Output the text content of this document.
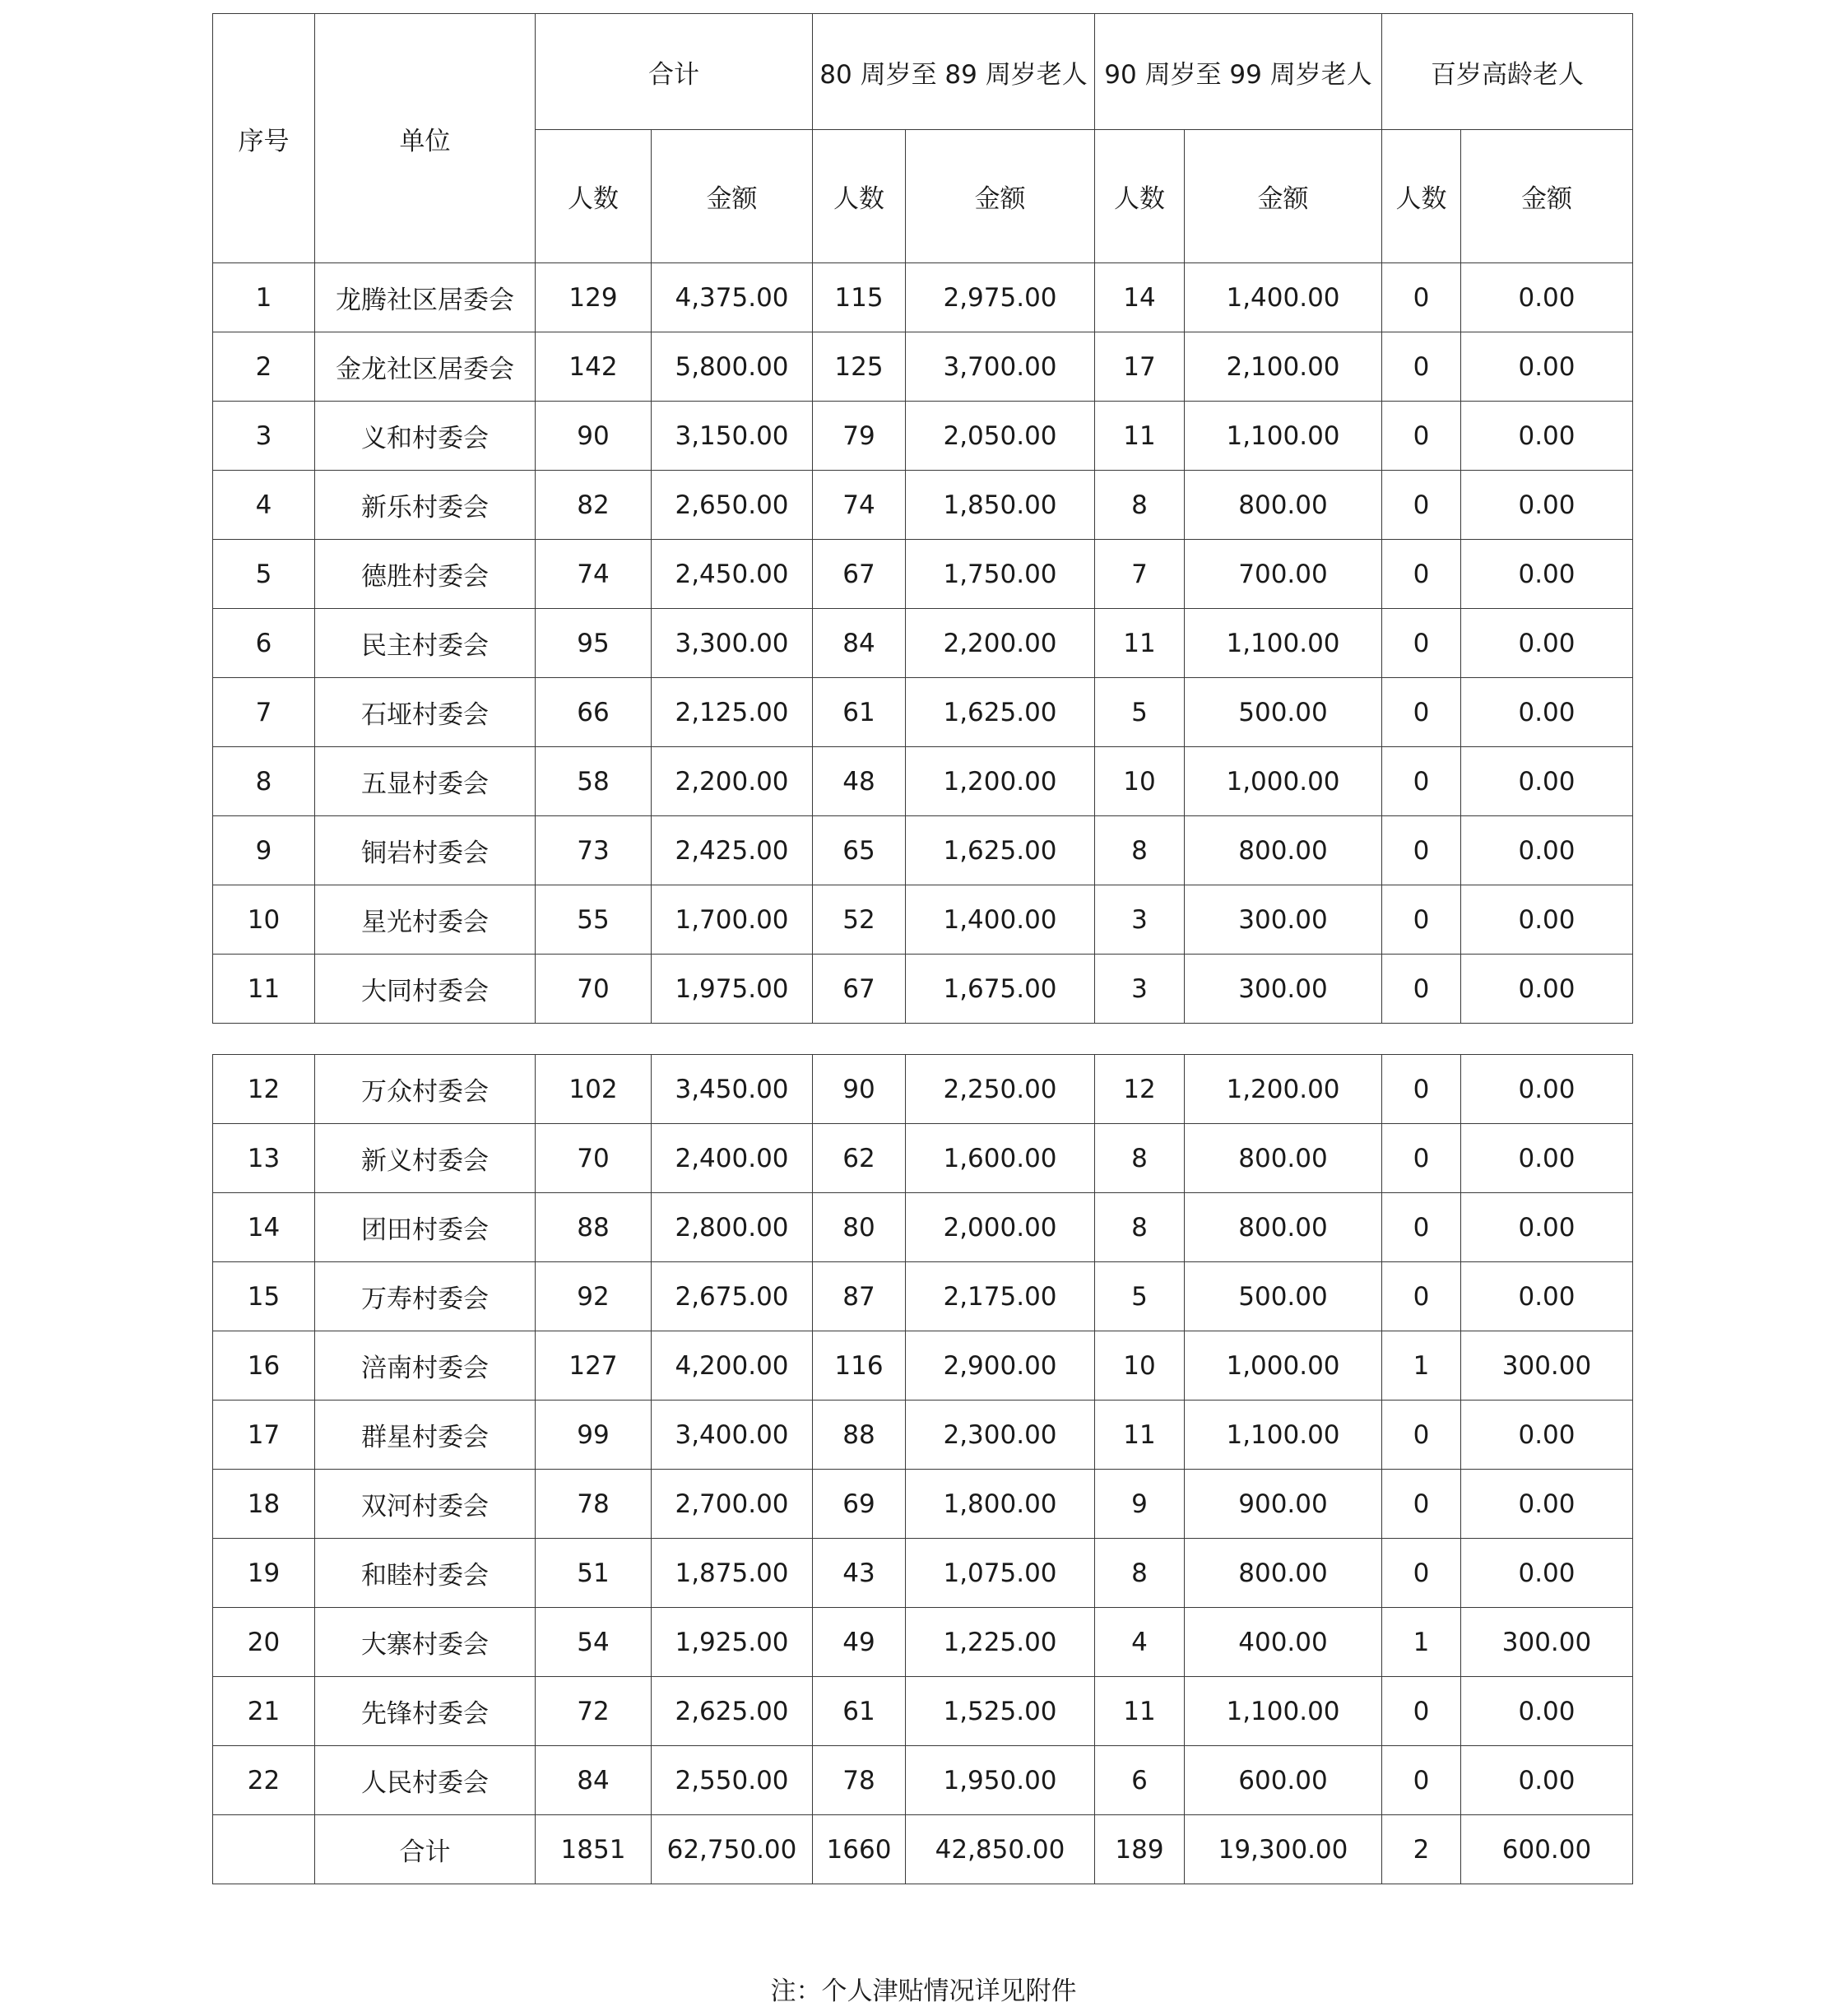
序号	单位	合计		80 周岁至 89 周岁老人		90 周岁至 99 周岁老人		百岁高龄老人	
		人数	金额	人数	金额	人数	金额	人数	金额
1	龙腾社区居委会	129	4,375.00	115	2,975.00	14	1,400.00	0	0.00
2	金龙社区居委会	142	5,800.00	125	3,700.00	17	2,100.00	0	0.00
3	义和村委会	90	3,150.00	79	2,050.00	11	1,100.00	0	0.00
4	新乐村委会	82	2,650.00	74	1,850.00	8	800.00	0	0.00
5	德胜村委会	74	2,450.00	67	1,750.00	7	700.00	0	0.00
6	民主村委会	95	3,300.00	84	2,200.00	11	1,100.00	0	0.00
7	石垭村委会	66	2,125.00	61	1,625.00	5	500.00	0	0.00
8	五显村委会	58	2,200.00	48	1,200.00	10	1,000.00	0	0.00
9	铜岩村委会	73	2,425.00	65	1,625.00	8	800.00	0	0.00
10	星光村委会	55	1,700.00	52	1,400.00	3	300.00	0	0.00
11	大同村委会	70	1,975.00	67	1,675.00	3	300.00	0	0.00
12	万众村委会	102	3,450.00	90	2,250.00	12	1,200.00	0	0.00
13	新义村委会	70	2,400.00	62	1,600.00	8	800.00	0	0.00
14	团田村委会	88	2,800.00	80	2,000.00	8	800.00	0	0.00
15	万寿村委会	92	2,675.00	87	2,175.00	5	500.00	0	0.00
16	涪南村委会	127	4,200.00	116	2,900.00	10	1,000.00	1	300.00
17	群星村委会	99	3,400.00	88	2,300.00	11	1,100.00	0	0.00
18	双河村委会	78	2,700.00	69	1,800.00	9	900.00	0	0.00
19	和睦村委会	51	1,875.00	43	1,075.00	8	800.00	0	0.00
20	大寨村委会	54	1,925.00	49	1,225.00	4	400.00	1	300.00
21	先锋村委会	72	2,625.00	61	1,525.00	11	1,100.00	0	0.00
22	人民村委会	84	2,550.00	78	1,950.00	6	600.00	0	0.00
	合计	1851	62,750.00	1660	42,850.00	189	19,300.00	2	600.00
注：个人津贴情况详见附件
